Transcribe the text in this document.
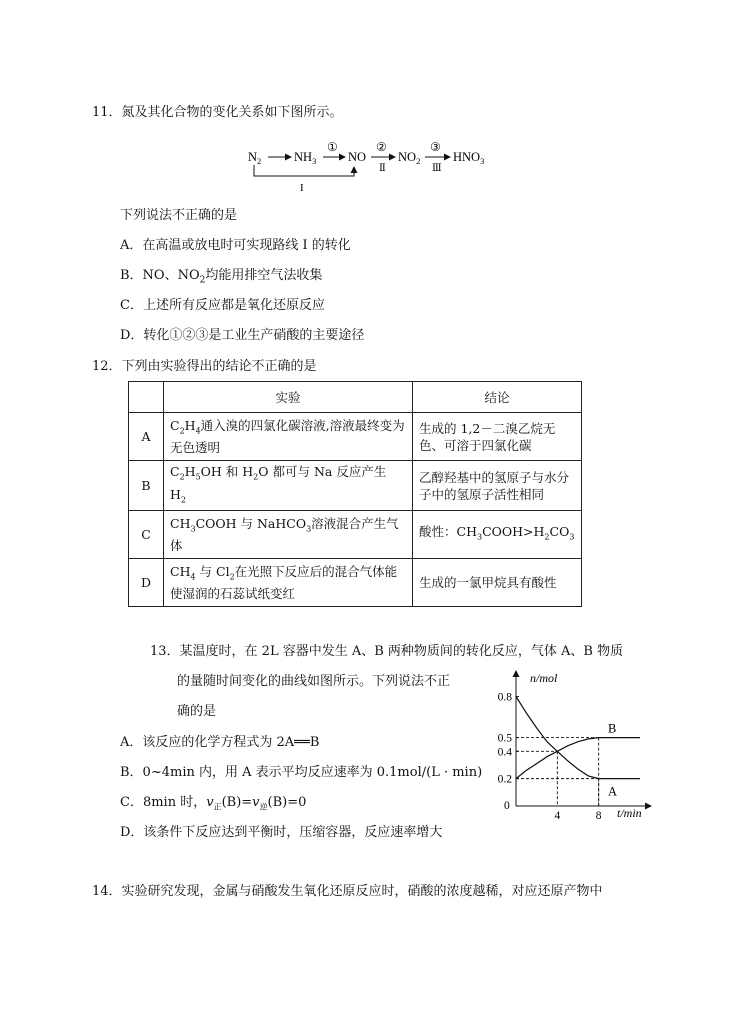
11．氮及其化合物的变化关系如下图所示。
$N_2$	$NH_3$
①
NO
②
Ⅱ
$NO_2$
③
Ⅲ
$HNO_3$
I
下列说法不正确的是
A．在高温或放电时可实现路线 I 的转化
B．NO、$NO_2$均能用排空气法收集
C．上述所有反应都是氧化还原反应
D．转化①②③是工业生产硝酸的主要途径
12．下列由实验得出的结论不正确的是
	实验	结论
A	$C_2H_4$通入溴的四氯化碳溶液,溶液最终变为无色透明	生成的 1,2－二溴乙烷无色、可溶于四氯化碳
B	$C_2H_5OH$ 和 $H_2O$ 都可与 Na 反应产生 $H_2$	乙醇羟基中的氢原子与水分子中的氢原子活性相同
C	$CH_3COOH$ 与 NaHCO$_3$溶液混合产生气体	酸性：$CH_3COOH>H_2CO_3$
D	$CH_4$ 与 $Cl_2$在光照下反应后的混合气体能使湿润的石蕊试纸变红	生成的一氯甲烷具有酸性
13．某温度时，在 2L 容器中发生 A、B 两种物质间的转化反应，气体 A、B 物质
的量随时间变化的曲线如图所示。下列说法不正
确的是
A．该反应的化学方程式为 2A══B
B．0~4min 内，用 A 表示平均反应速率为 0.1mol/(L · min)
C．8min 时，$v_正(B)=v_逆(B)=0$
D．该条件下反应达到平衡时，压缩容器，反应速率增大
A
B
0.2
0.4
0.5
0.8
4	8
n/mol
t/min
0
14．实验研究发现，金属与硝酸发生氧化还原反应时，硝酸的浓度越稀，对应还原产物中
